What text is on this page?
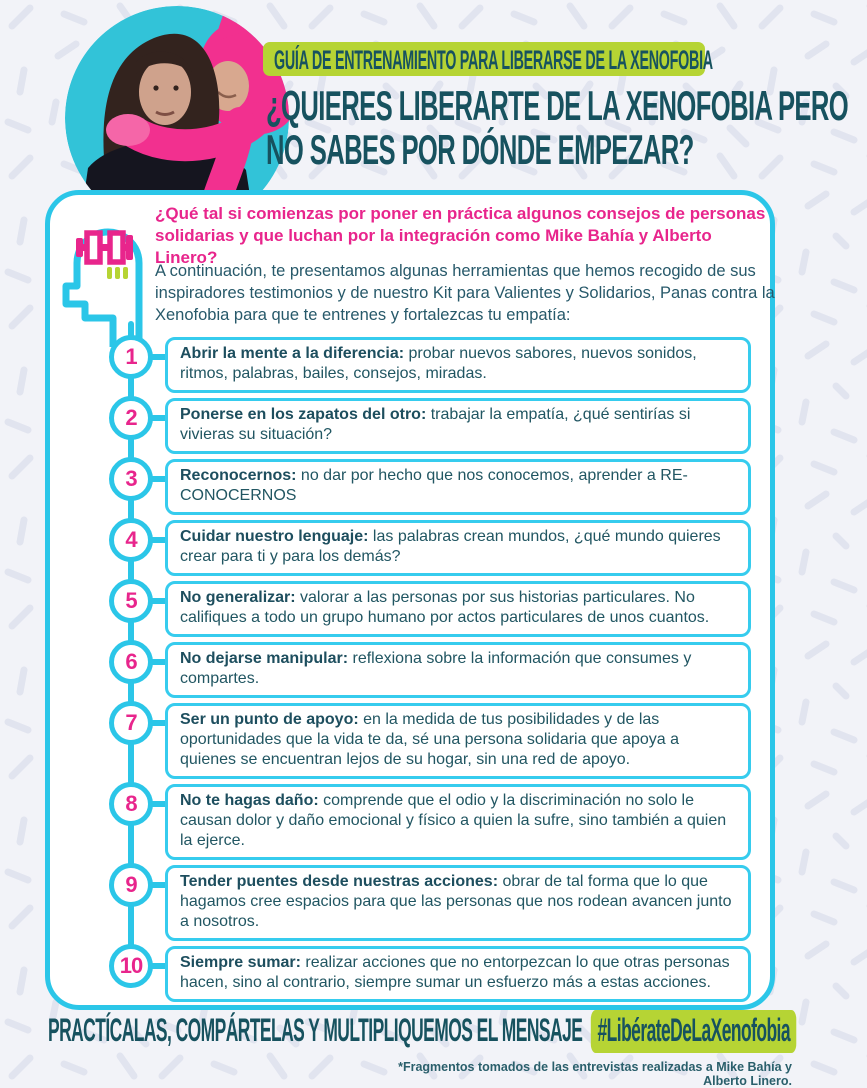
GUÍA DE ENTRENAMIENTO PARA LIBERARSE DE LA XENOFOBIA
¿QUIERES LIBERARTE DE LA XENOFOBIA PERO
NO SABES POR DÓNDE EMPEZAR?

¿Qué tal si comienzas por poner en práctica algunos consejos de personas solidarias y que luchan por la integración como Mike Bahía y Alberto Linero?

A continuación, te presentamos algunas herramientas que hemos recogido de sus inspiradores testimonios y de nuestro Kit para Valientes y Solidarios, Panas contra la Xenofobia para que te entrenes y fortalezcas tu empatía:

1	Abrir la mente a la diferencia: probar nuevos sabores, nuevos sonidos, ritmos, palabras, bailes, consejos, miradas.
2	Ponerse en los zapatos del otro: trabajar la empatía, ¿qué sentirías si vivieras su situación?
3	Reconocernos: no dar por hecho que nos conocemos, aprender a RE-CONOCERNOS
4	Cuidar nuestro lenguaje: las palabras crean mundos, ¿qué mundo quieres crear para ti y para los demás?
5	No generalizar: valorar a las personas por sus historias particulares. No califiques a todo un grupo humano por actos particulares de unos cuantos.
6	No dejarse manipular: reflexiona sobre la información que consumes y compartes.
7	Ser un punto de apoyo: en la medida de tus posibilidades y de las oportunidades que la vida te da, sé una persona solidaria que apoya a quienes se encuentran lejos de su hogar, sin una red de apoyo.
8	No te hagas daño: comprende que el odio y la discriminación no solo le causan dolor y daño emocional y físico a quien la sufre, sino también a quien la ejerce.
9	Tender puentes desde nuestras acciones: obrar de tal forma que lo que hagamos cree espacios para que las personas que nos rodean avancen junto a nosotros.
10	Siempre sumar: realizar acciones que no entorpezcan lo que otras personas hacen, sino al contrario, siempre sumar un esfuerzo más a estas acciones.
PRACTÍCALAS, COMPÁRTELAS Y MULTIPLIQUEMOS EL MENSAJE #LibérateDeLaXenofobia
*Fragmentos tomados de las entrevistas realizadas a Mike Bahía y Alberto Linero.
